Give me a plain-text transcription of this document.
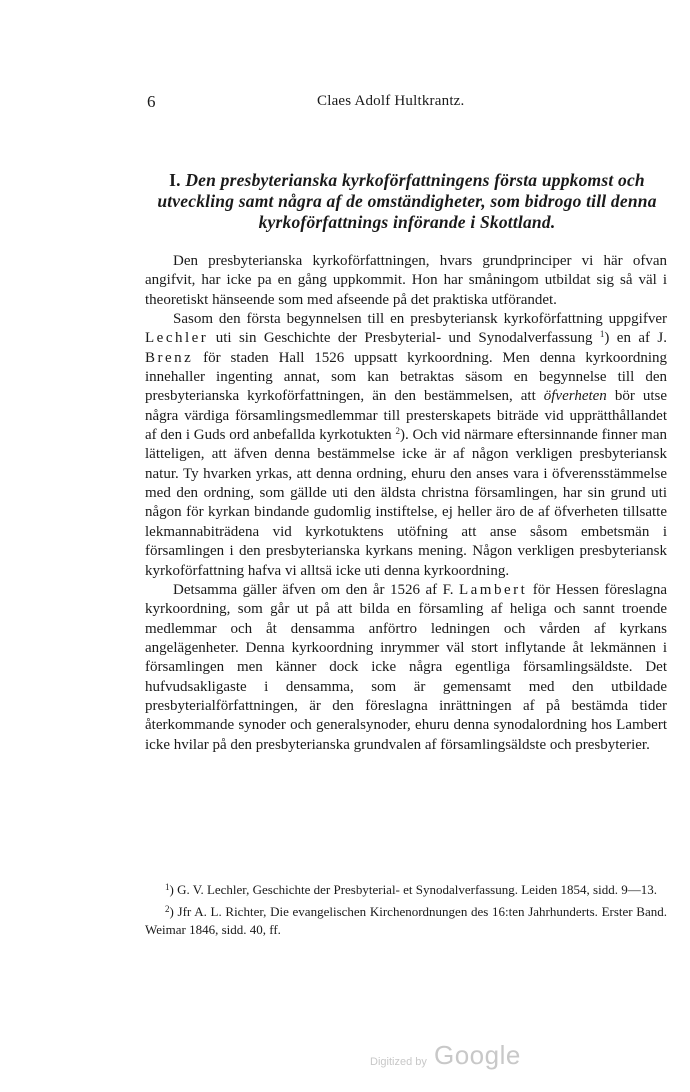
6	Claes Adolf Hultkrantz.
I. Den presbyterianska kyrkoförfattningens första uppkomst och utveckling samt några af de omständigheter, som bidrogo till denna kyrkoförfattnings införande i Skottland.

Den presbyterianska kyrkoförfattningen, hvars grundprinciper vi här ofvan angifvit, har icke pa en gång uppkommit. Hon har småningom utbildat sig så väl i theoretiskt hänseende som med afseende på det praktiska utförandet.

Sasom den första begynnelsen till en presbyteriansk kyrkoförfattning uppgifver Lechler uti sin Geschichte der Presbyterial- und Synodalverfassung $^1$) en af J. Brenz för staden Hall 1526 uppsatt kyrkoordning. Men denna kyrkoordning innehaller ingenting annat, som kan betraktas säsom en begynnelse till den presbyterianska kyrkoförfattningen, än den bestämmelsen, att öfverheten bör utse några värdiga församlingsmedlemmar till presterskapets biträde vid upprätthållandet af den i Guds ord anbefallda kyrkotukten $^2$). Och vid närmare eftersinnande finner man lätteligen, att äfven denna bestämmelse icke är af någon verkligen presbyteriansk natur. Ty hvarken yrkas, att denna ordning, ehuru den anses vara i öfverensstämmelse med den ordning, som gällde uti den äldsta christna församlingen, har sin grund uti någon för kyrkan bindande gudomlig instiftelse, ej heller äro de af öfverheten tillsatte lekmannabiträdena vid kyrkotuktens utöfning att anse såsom embetsmän i församlingen i den presbyterianska kyrkans mening. Någon verkligen presbyteriansk kyrkoförfattning hafva vi alltsä icke uti denna kyrkoordning.

Detsamma gäller äfven om den år 1526 af F. Lambert för Hessen föreslagna kyrkoordning, som går ut på att bilda en församling af heliga och sannt troende medlemmar och åt densamma anförtro ledningen och vården af kyrkans angelägenheter. Denna kyrkoordning inrymmer väl stort inflytande åt lekmännen i församlingen men känner dock icke några egentliga församlingsäldste. Det hufvudsakligaste i densamma, som är gemensamt med den utbildade presbyterialförfattningen, är den föreslagna inrättningen af på bestämda tider återkommande synoder och generalsynoder, ehuru denna synodalordning hos Lambert icke hvilar på den presbyterianska grundvalen af församlingsäldste och presbyterier.

$^1$) G. V. Lechler, Geschichte der Presbyterial- et Synodalverfassung. Leiden 1854, sidd. 9—13.

$^2$) Jfr A. L. Richter, Die evangelischen Kirchenordnungen des 16:ten Jahrhunderts. Erster Band. Weimar 1846, sidd. 40, ff.

Digitized by Google
